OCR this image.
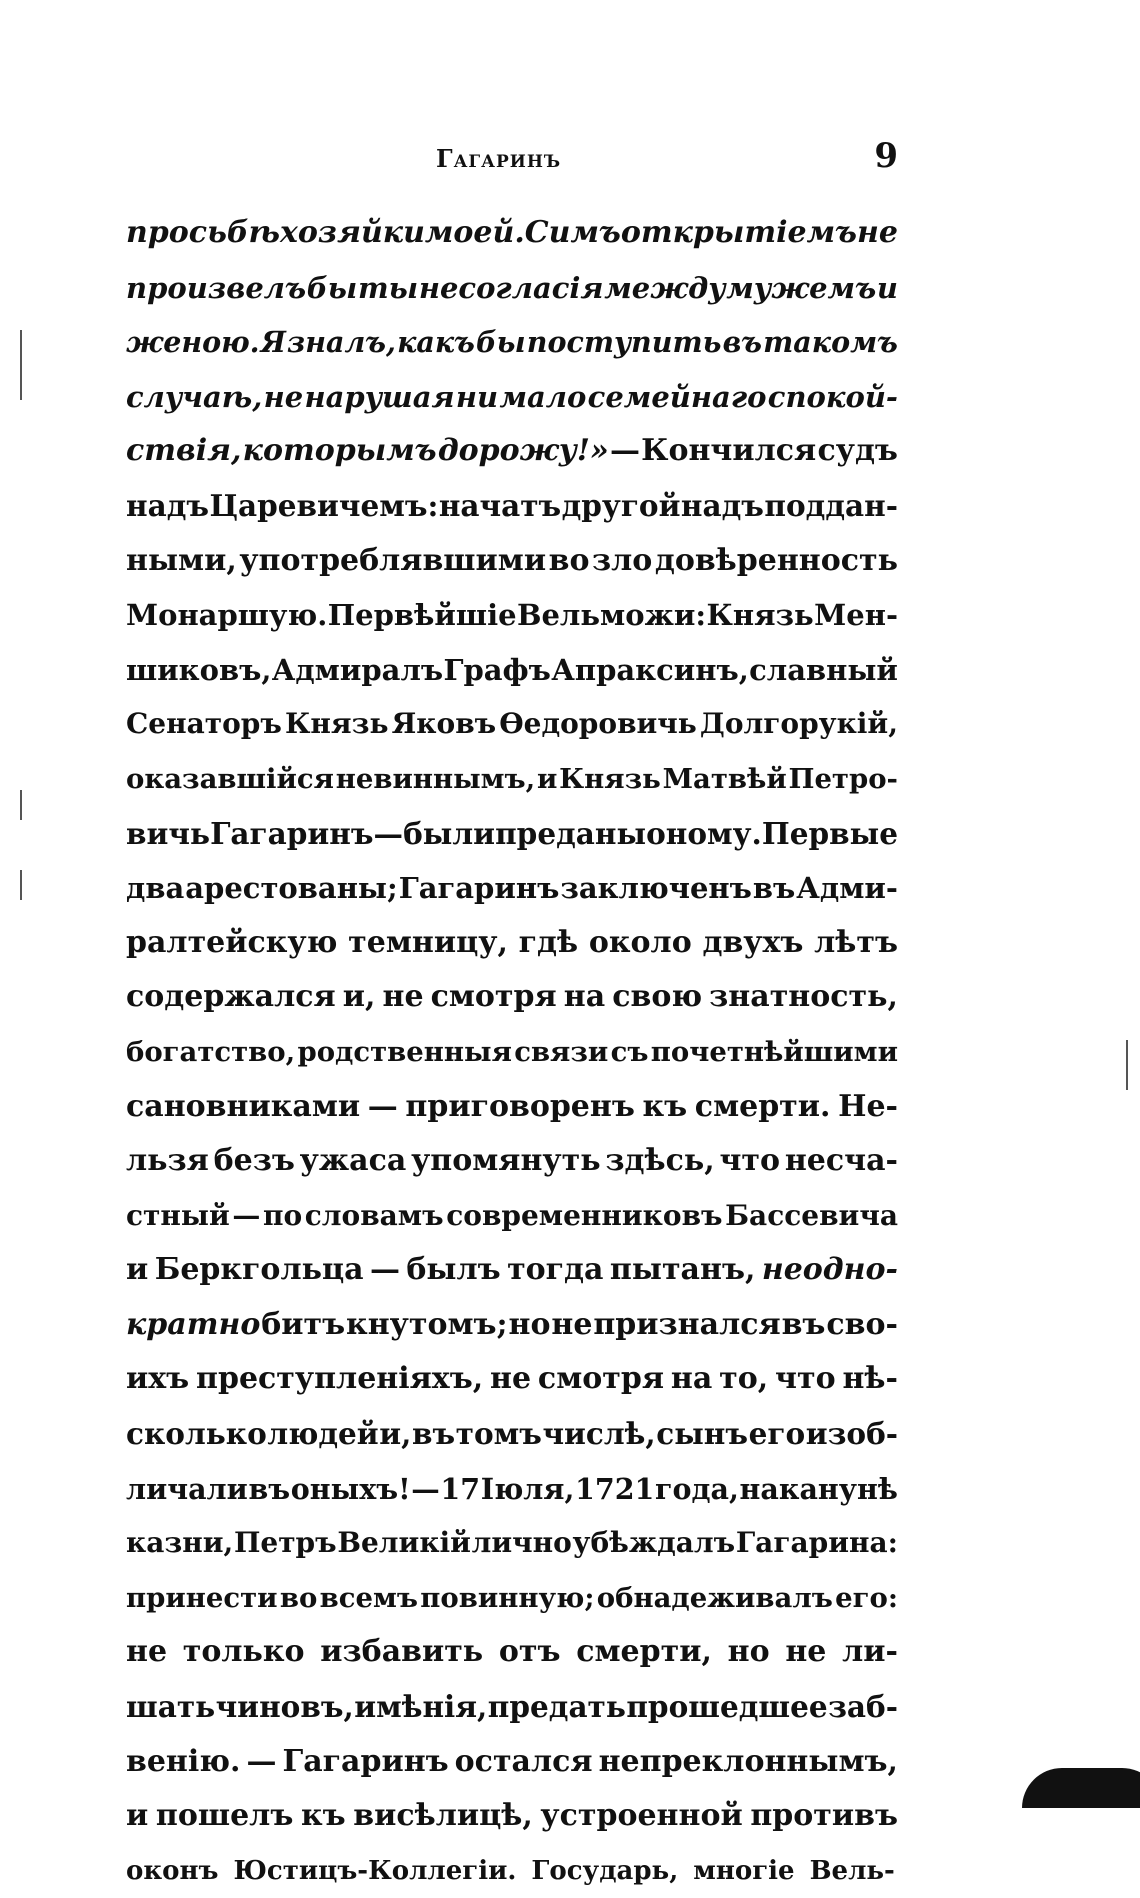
Гагаринъ	9
просьбѣ хозяйки моей. Симъ открытіемъ не
произвелъ бы ты несогласія между мужемъ и
женою. Я зналъ, какъ бы поступить въ такомъ
случаѣ, не нарушая ни мало семейнаго спокой-
ствія, которымъ дорожу!» — Кончился судъ
надъ Царевичемъ: начатъ другой надъ поддан-
ными, употреблявшими во зло довѣренность
Монаршую. Первѣйшіе Вельможи: Князь Мен-
шиковъ, Адмиралъ Графъ Апраксинъ, славный
Сенаторъ Князь Яковъ Ѳедоровичь Долгорукій,
оказавшійся невиннымъ, и Князь Матвѣй Петро-
вичь Гагаринъ — были преданы оному. Первые
два арестованы; Гагаринъ заключенъ въ Адми-
ралтейскую темницу, гдѣ около двухъ лѣтъ
содержался и, не смотря на свою знатность,
богатство, родственныя связи съ почетнѣйшими
сановниками — приговоренъ къ смерти. Не-
льзя безъ ужаса упомянуть здѣсь, что несча-
стный — по словамъ современниковъ Бассевича
и Беркгольца — былъ тогда пытанъ, неодно-
кратно битъ кнутомъ; но не признался въ сво-
ихъ преступленіяхъ, не смотря на то, что нѣ-
сколько людей и, въ томъ числѣ, сынъ его изоб-
личали въ оныхъ! — 17 Іюля, 1721 года, наканунѣ
казни, Петръ Великій лично убѣждалъ Гагарина:
принести во всемъ повинную; обнадеживалъ его:
не только избавить отъ смерти, но не ли-
шать чиновъ, имѣнія, предать прошедшее заб-
венію. — Гагаринъ остался непреклоннымъ,
и пошелъ къ висѣлицѣ, устроенной противъ
оконъ Юстицъ-Коллегіи. Государь, многіе Вель-
